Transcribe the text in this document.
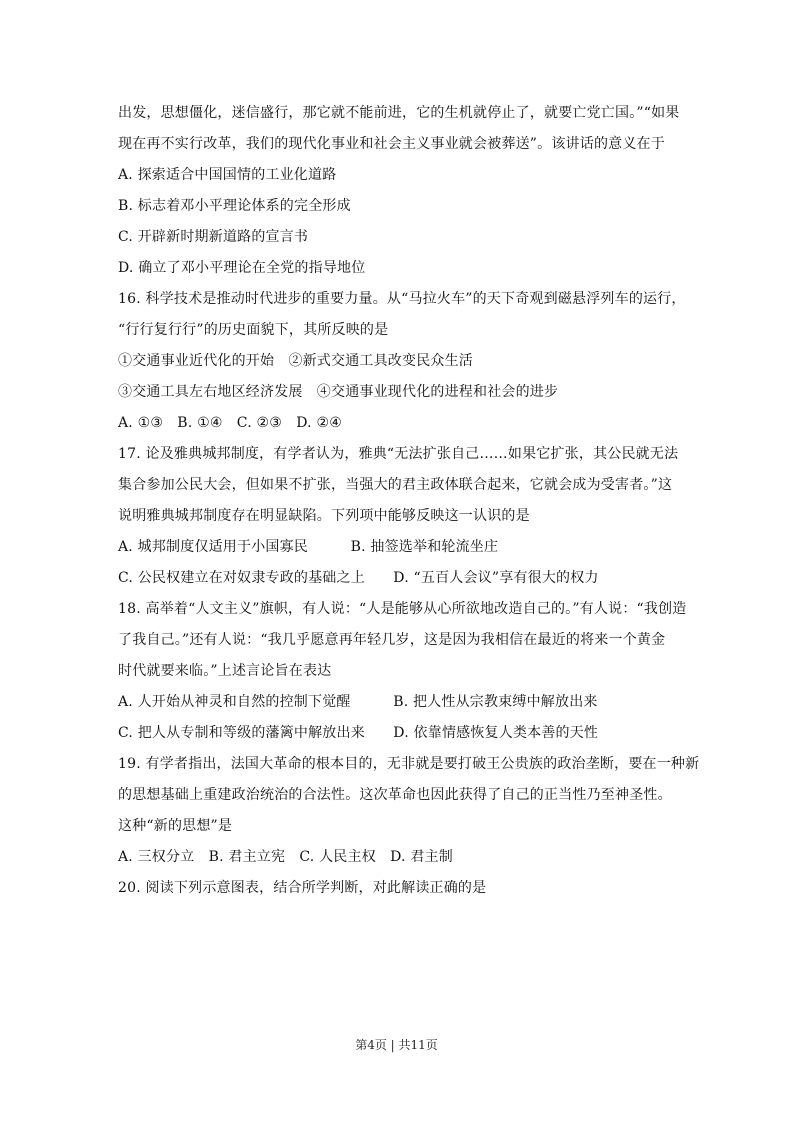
出发，思想僵化，迷信盛行，那它就不能前进，它的生机就停止了，就要亡党亡国。”“如果
现在再不实行改革，我们的现代化事业和社会主义事业就会被葬送”。该讲话的意义在于
A. 探索适合中国国情的工业化道路
B. 标志着邓小平理论体系的完全形成
C. 开辟新时期新道路的宣言书
D. 确立了邓小平理论在全党的指导地位
16. 科学技术是推动时代进步的重要力量。从“马拉火车”的天下奇观到磁悬浮列车的运行，
“行行复行行”的历史面貌下，其所反映的是
①交通事业近代化的开始　②新式交通工具改变民众生活
③交通工具左右地区经济发展　④交通事业现代化的进程和社会的进步
A. ①③　B. ①④　C. ②③　D. ②④
17. 论及雅典城邦制度，有学者认为，雅典“无法扩张自己……如果它扩张，其公民就无法
集合参加公民大会，但如果不扩张，当强大的君主政体联合起来，它就会成为受害者。”这
说明雅典城邦制度存在明显缺陷。下列项中能够反映这一认识的是
A. 城邦制度仅适用于小国寡民　　　B. 抽签选举和轮流坐庄
C. 公民权建立在对奴隶专政的基础之上　　D. “五百人会议”享有很大的权力
18. 高举着“人文主义”旗帜，有人说：“人是能够从心所欲地改造自己的。”有人说：“我创造
了我自己。”还有人说：“我几乎愿意再年轻几岁，这是因为我相信在最近的将来一个黄金
时代就要来临。”上述言论旨在表达
A. 人开始从神灵和自然的控制下觉醒　　　B. 把人性从宗教束缚中解放出来
C. 把人从专制和等级的藩篱中解放出来　　D. 依靠情感恢复人类本善的天性
19. 有学者指出，法国大革命的根本目的，无非就是要打破王公贵族的政治垄断，要在一种新
的思想基础上重建政治统治的合法性。这次革命也因此获得了自己的正当性乃至神圣性。
这种“新的思想”是
A. 三权分立　B. 君主立宪　C. 人民主权　D. 君主制
20. 阅读下列示意图表，结合所学判断，对此解读正确的是
第4页 | 共11页
